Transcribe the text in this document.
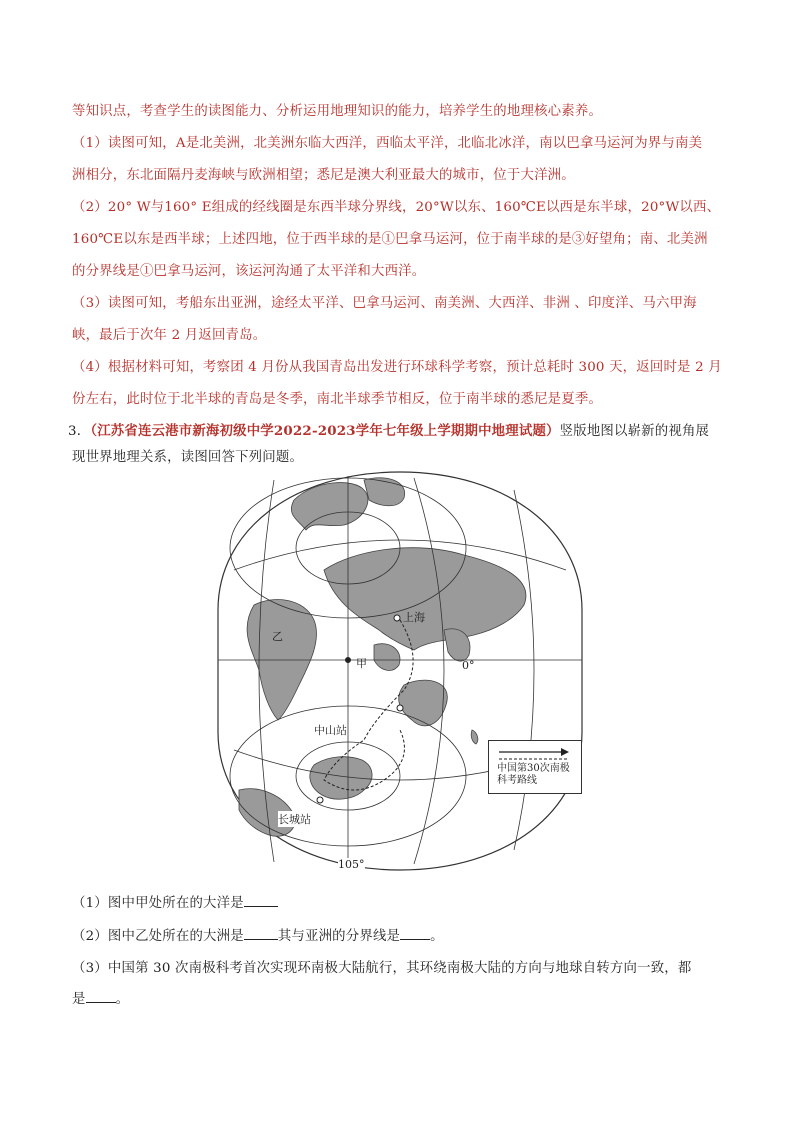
等知识点，考查学生的读图能力、分析运用地理知识的能力，培养学生的地理核心素养。
（1）读图可知，A是北美洲，北美洲东临大西洋，西临太平洋，北临北冰洋，南以巴拿马运河为界与南美
洲相分，东北面隔丹麦海峡与欧洲相望；悉尼是澳大利亚最大的城市，位于大洋洲。
（2）20° W与160° E组成的经线圈是东西半球分界线，20°W以东、160℃E以西是东半球，20°W以西、
160℃E以东是西半球；上述四地，位于西半球的是①巴拿马运河，位于南半球的是③好望角；南、北美洲
的分界线是①巴拿马运河，该运河沟通了太平洋和大西洋。
（3）读图可知，考船东出亚洲，途经太平洋、巴拿马运河、南美洲、大西洋、非洲 、印度洋、马六甲海
峡，最后于次年 2 月返回青岛。
（4）根据材料可知，考察团 4 月份从我国青岛出发进行环球科学考察，预计总耗时 300 天，返回时是 2 月
份左右，此时位于北半球的青岛是冬季，南北半球季节相反，位于南半球的悉尼是夏季。
3．（江苏省连云港市新海初级中学2022-2023学年七年级上学期期中地理试题）竖版地图以崭新的视角展
现世界地理关系，读图回答下列问题。
上海
甲
乙
0°
中山站
长城站
105°
中国第30次南极科考路线
（1）图中甲处所在的大洋是
（2）图中乙处所在的大洲是	其与亚洲的分界线是 。
（3）中国第 30 次南极科考首次实现环南极大陆航行，其环绕南极大陆的方向与地球自转方向一致，都
是 。
